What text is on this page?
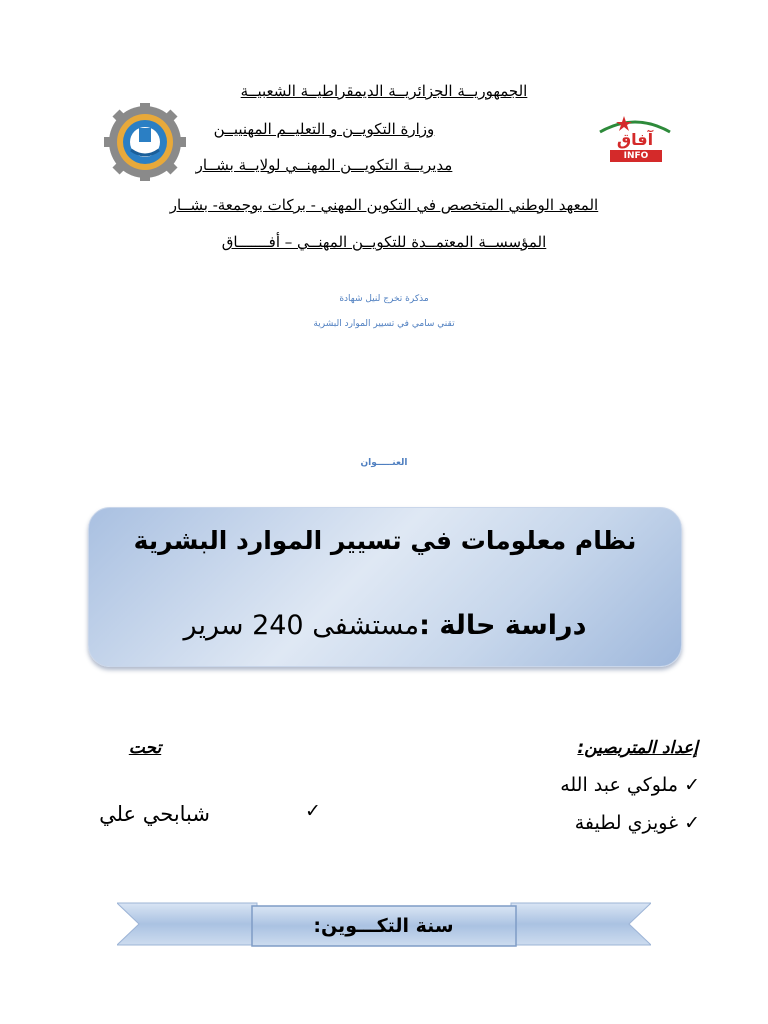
آفاق
INFO
الجمهوريــة الجزائريــة الديمقراطيــة الشعبيــة
وزارة التكويــن و التعليــم المهنييــن
مديريــة التكويـــن المهنــي لولايــة بشــار
المعهد الوطني المتخصص في التكوين المهني - بركات بوجمعة- بشــار
المؤسســة المعتمــدة للتكويــن المهنــي – أفـــــــاق
مذكرة تخرج لنيل شهادة
تقني سامي في تسيير الموارد البشرية
العنـــــوان
نظام معلومات في تسيير الموارد البشرية
دراسة حالة :مستشفى 240 سرير
إعداد المتربصين:
✓ ملوكي عبد الله
✓ غويزي لطيفة
تحت
✓
شبابحي علي
سنة التكـــوين:
